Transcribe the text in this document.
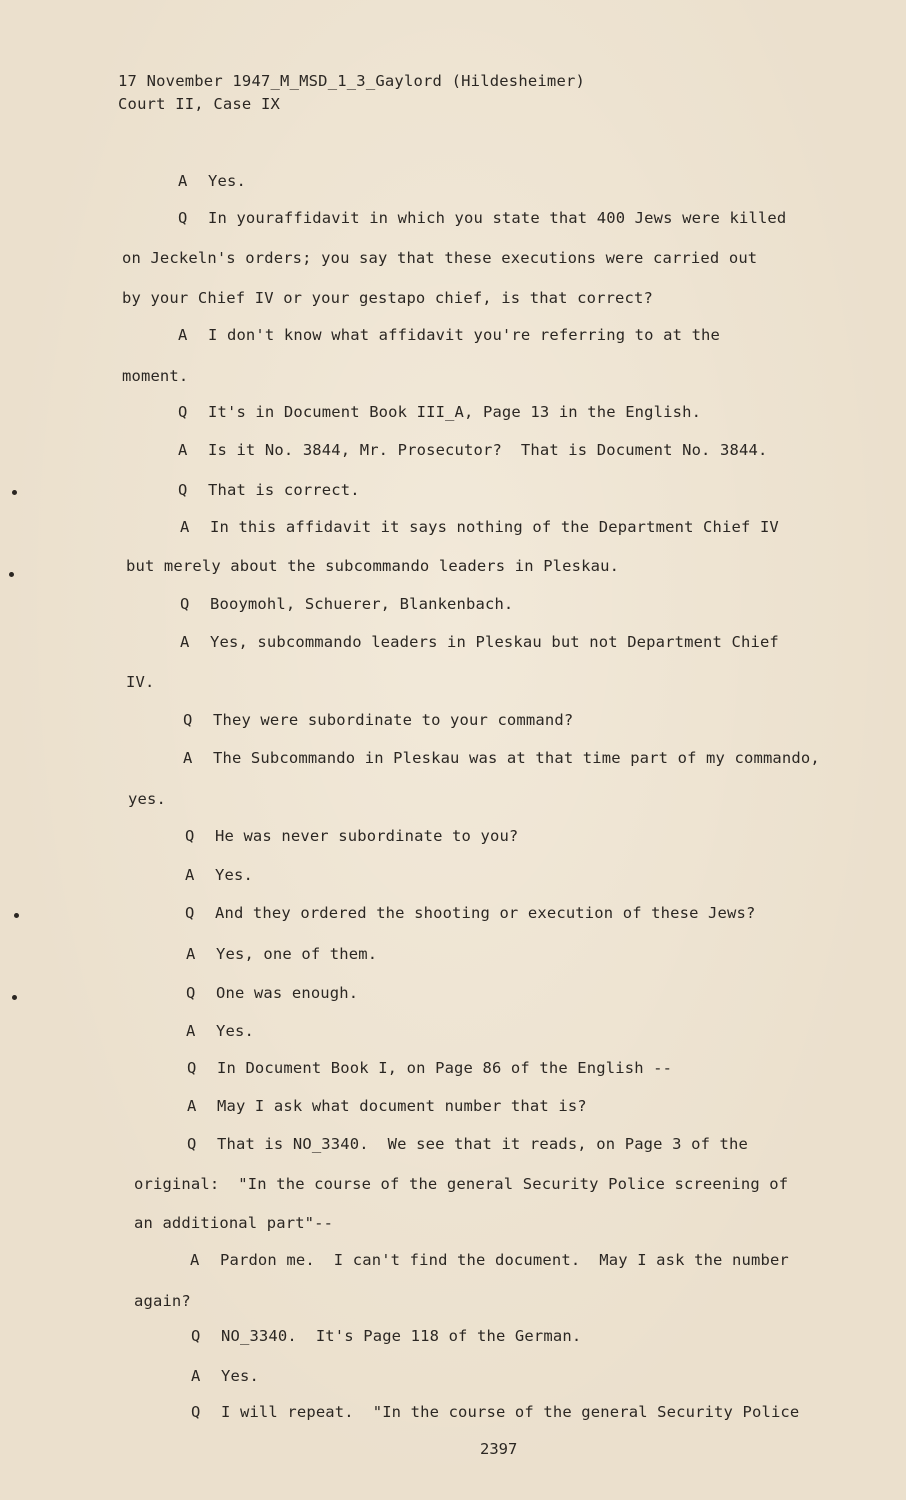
17 November 1947_M_MSD_1_3_Gaylord (Hildesheimer)
Court II, Case IX
A Yes.
Q In youraffidavit in which you state that 400 Jews were killed
on Jeckeln's orders; you say that these executions were carried out
by your Chief IV or your gestapo chief, is that correct?
A I don't know what affidavit you're referring to at the
moment.
Q It's in Document Book III_A, Page 13 in the English.
A Is it No. 3844, Mr. Prosecutor?  That is Document No. 3844.
Q That is correct.
A In this affidavit it says nothing of the Department Chief IV
but merely about the subcommando leaders in Pleskau.
Q Booymohl, Schuerer, Blankenbach.
A Yes, subcommando leaders in Pleskau but not Department Chief
IV.
Q They were subordinate to your command?
A The Subcommando in Pleskau was at that time part of my commando,
yes.
Q He was never subordinate to you?
A Yes.
Q And they ordered the shooting or execution of these Jews?
A Yes, one of them.
Q One was enough.
A Yes.
Q In Document Book I, on Page 86 of the English --
A May I ask what document number that is?
Q That is NO_3340.  We see that it reads, on Page 3 of the
original:  "In the course of the general Security Police screening of
an additional part"--
A Pardon me.  I can't find the document.  May I ask the number
again?
Q NO_3340.  It's Page 118 of the German.
A Yes.
Q I will repeat.  "In the course of the general Security Police
2397
